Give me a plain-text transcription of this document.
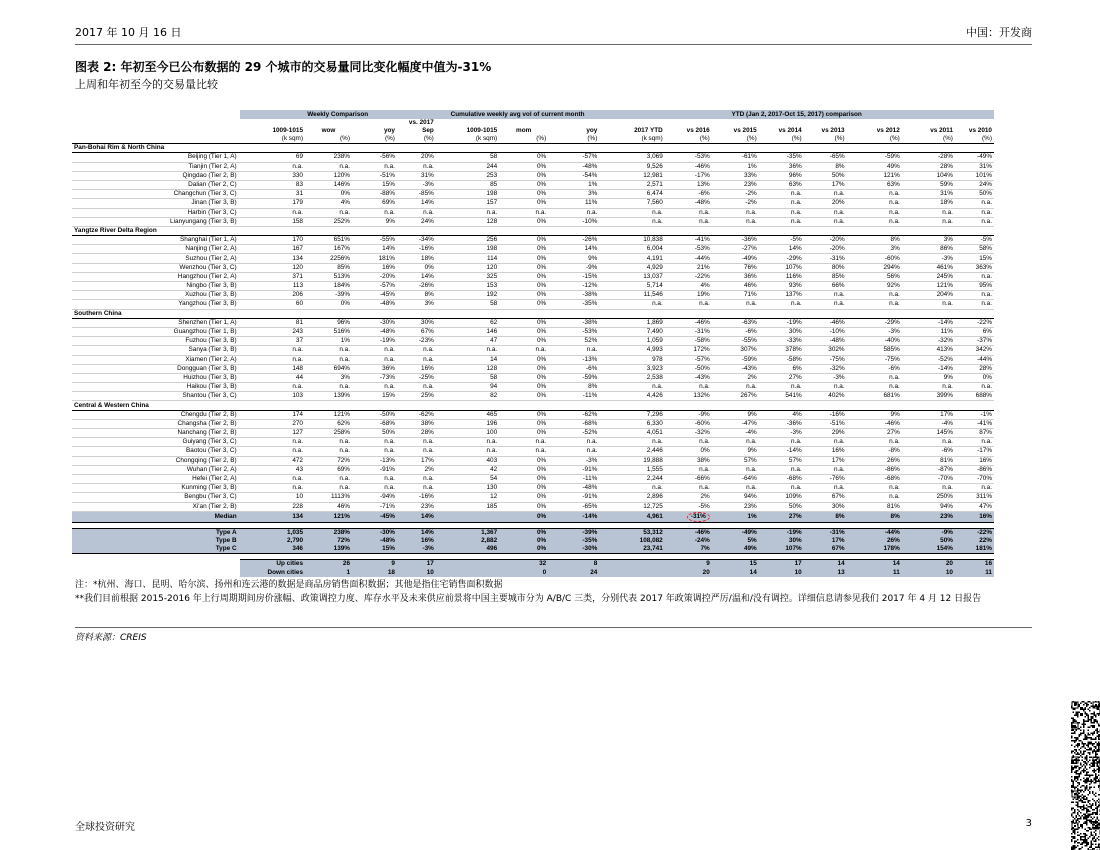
2017 年 10 月 16 日	中国：开发商
图表 2: 年初至今已公布数据的 29 个城市的交易量同比变化幅度中值为-31%
上周和年初至今的交易量比较
	Weekly Comparison				Cumulative weekly avg vol of current month			YTD (Jan 2, 2017-Oct 15, 2017) comparison							
				vs. 2017											
	1009-1015	wow	yoy	Sep	1009-1015	mom	yoy	2017 YTD	vs 2016	vs 2015	vs 2014	vs 2013	vs 2012	vs 2011	vs 2010
	(k sqm)	(%)	(%)	(%)	(k sqm)	(%)	(%)	(k sqm)	(%)	(%)	(%)	(%)	(%)	(%)	(%)
Pan-Bohai Rim & North China															
Beijing (Tier 1, A)	69	238%	-56%	20%	58	0%	-57%	3,069	-53%	-61%	-35%	-65%	-59%	-28%	-49%
Tianjin (Tier 2, A)	n.a.	n.a.	n.a.	n.a.	244	0%	-48%	9,526	-46%	1%	36%	8%	49%	28%	31%
Qingdao (Tier 2, B)	330	120%	-51%	31%	253	0%	-54%	12,981	-17%	33%	96%	50%	121%	104%	101%
Dalian (Tier 2, C)	83	146%	15%	-3%	85	0%	1%	2,571	13%	23%	63%	17%	63%	59%	24%
Changchun (Tier 3, C)	31	0%	-88%	-85%	198	0%	3%	6,474	-6%	-2%	n.a.	n.a.	n.a.	31%	50%
Jinan (Tier 3, B)	179	4%	69%	14%	157	0%	11%	7,560	-48%	-2%	n.a.	20%	n.a.	18%	n.a.
Harbin (Tier 3, C)	n.a.	n.a.	n.a.	n.a.	n.a.	n.a.	n.a.	n.a.	n.a.	n.a.	n.a.	n.a.	n.a.	n.a.	n.a.
Lianyungang (Tier 3, B)	158	252%	9%	24%	128	0%	-10%	n.a.	n.a.	n.a.	n.a.	n.a.	n.a.	n.a.	n.a.
Yangtze River Delta Region															
Shanghai (Tier 1, A)	170	651%	-55%	-34%	256	0%	-26%	10,838	-41%	-36%	-5%	-20%	8%	3%	-5%
Nanjing (Tier 2, A)	167	167%	14%	-16%	198	0%	14%	6,004	-53%	-27%	14%	-20%	3%	86%	58%
Suzhou (Tier 2, A)	134	2256%	181%	18%	114	0%	9%	4,191	-44%	-49%	-29%	-31%	-60%	-3%	15%
Wenzhou (Tier 3, C)	120	85%	16%	0%	120	0%	-9%	4,929	21%	76%	107%	80%	294%	461%	363%
Hangzhou (Tier 2, A)	371	513%	-20%	14%	325	0%	-15%	13,037	-22%	36%	116%	85%	56%	245%	n.a.
Ningbo (Tier 3, B)	113	184%	-57%	-26%	153	0%	-12%	5,714	4%	46%	93%	66%	92%	121%	95%
Xuzhou (Tier 3, B)	206	-39%	-45%	8%	192	0%	-38%	11,546	19%	71%	137%	n.a.	n.a.	204%	n.a.
Yangzhou (Tier 3, B)	60	0%	-48%	3%	58	0%	-35%	n.a.	n.a.	n.a.	n.a.	n.a.	n.a.	n.a.	n.a.
Southern China															
Shenzhen (Tier 1, A)	81	96%	-30%	30%	62	0%	-38%	1,869	-46%	-63%	-19%	-46%	-29%	-14%	-22%
Guangzhou (Tier 1, B)	243	516%	-48%	67%	146	0%	-53%	7,490	-31%	-6%	30%	-10%	-3%	11%	6%
Fuzhou (Tier 3, B)	37	1%	-19%	-23%	47	0%	52%	1,059	-58%	-55%	-33%	-48%	-40%	-32%	-37%
Sanya (Tier 3, B)	n.a.	n.a.	n.a.	n.a.	n.a.	n.a.	n.a.	4,993	172%	307%	378%	302%	585%	413%	342%
Xiamen (Tier 2, A)	n.a.	n.a.	n.a.	n.a.	14	0%	-13%	978	-57%	-59%	-58%	-75%	-75%	-52%	-44%
Dongguan (Tier 3, B)	148	694%	36%	16%	128	0%	-6%	3,923	-50%	-43%	6%	-32%	-6%	-14%	28%
Huizhou (Tier 3, B)	44	3%	-73%	-25%	58	0%	-59%	2,538	-43%	2%	27%	-3%	n.a.	9%	0%
Haikou (Tier 3, B)	n.a.	n.a.	n.a.	n.a.	94	0%	8%	n.a.	n.a.	n.a.	n.a.	n.a.	n.a.	n.a.	n.a.
Shantou (Tier 3, C)	103	139%	15%	25%	82	0%	-11%	4,426	132%	267%	541%	402%	681%	399%	688%
Central & Western China															
Chengdu (Tier 2, B)	174	121%	-50%	-62%	465	0%	-62%	7,296	-9%	9%	4%	-16%	9%	17%	-1%
Changsha (Tier 2, B)	270	62%	-68%	38%	196	0%	-68%	6,330	-60%	-47%	-36%	-51%	-46%	-4%	-41%
Nanchang (Tier 2, B)	127	258%	50%	28%	100	0%	-52%	4,051	-32%	-4%	-3%	29%	27%	145%	87%
Guiyang (Tier 3, C)	n.a.	n.a.	n.a.	n.a.	n.a.	n.a.	n.a.	n.a.	n.a.	n.a.	n.a.	n.a.	n.a.	n.a.	n.a.
Baotou (Tier 3, C)	n.a.	n.a.	n.a.	n.a.	n.a.	n.a.	n.a.	2,446	0%	9%	-14%	16%	-8%	-6%	-17%
Chongqing (Tier 2, B)	472	72%	-13%	17%	403	0%	-3%	19,888	38%	57%	57%	17%	26%	81%	16%
Wuhan (Tier 2, A)	43	69%	-91%	2%	42	0%	-91%	1,555	n.a.	n.a.	n.a.	n.a.	-86%	-87%	-86%
Hefei (Tier 2, A)	n.a.	n.a.	n.a.	n.a.	54	0%	-11%	2,244	-66%	-64%	-68%	-76%	-68%	-70%	-70%
Kunming (Tier 3, B)	n.a.	n.a.	n.a.	n.a.	130	0%	-48%	n.a.	n.a.	n.a.	n.a.	n.a.	n.a.	n.a.	n.a.
Bengbu (Tier 3, C)	10	1113%	-94%	-16%	12	0%	-91%	2,896	2%	94%	109%	67%	n.a.	250%	311%
Xi'an (Tier 2, B)	228	46%	-71%	23%	185	0%	-65%	12,725	-5%	23%	50%	30%	81%	94%	47%
Median	134	121%	-45%	14%		0%	-14%	4,961	-31%	1%	27%	8%	8%	23%	16%

Type A	1,035	238%	-30%	14%	1,367	0%	-39%	53,312	-46%	-49%	-19%	-31%	-44%	-9%	-22%
Type B	2,790	72%	-48%	16%	2,882	0%	-35%	108,082	-24%	5%	30%	17%	26%	50%	22%
Type C	346	139%	15%	-3%	496	0%	-30%	23,741	7%	49%	107%	67%	178%	154%	181%

	Up cities	26	9	17		32	8		9	15	17	14	14	20	16
	Down cities	1	18	10		0	24		20	14	10	13	11	10	11
注：*杭州、海口、昆明、哈尔滨、扬州和连云港的数据是商品房销售面积数据；其他是指住宅销售面积数据
**我们目前根据 2015-2016 年上行周期期间房价涨幅、政策调控力度、库存水平及未来供应前景将中国主要城市分为 A/B/C 三类，分别代表 2017 年政策调控严厉/温和/没有调控。详细信息请参见我们 2017 年 4 月 12 日报告
资料来源：CREIS
全球投资研究	3
